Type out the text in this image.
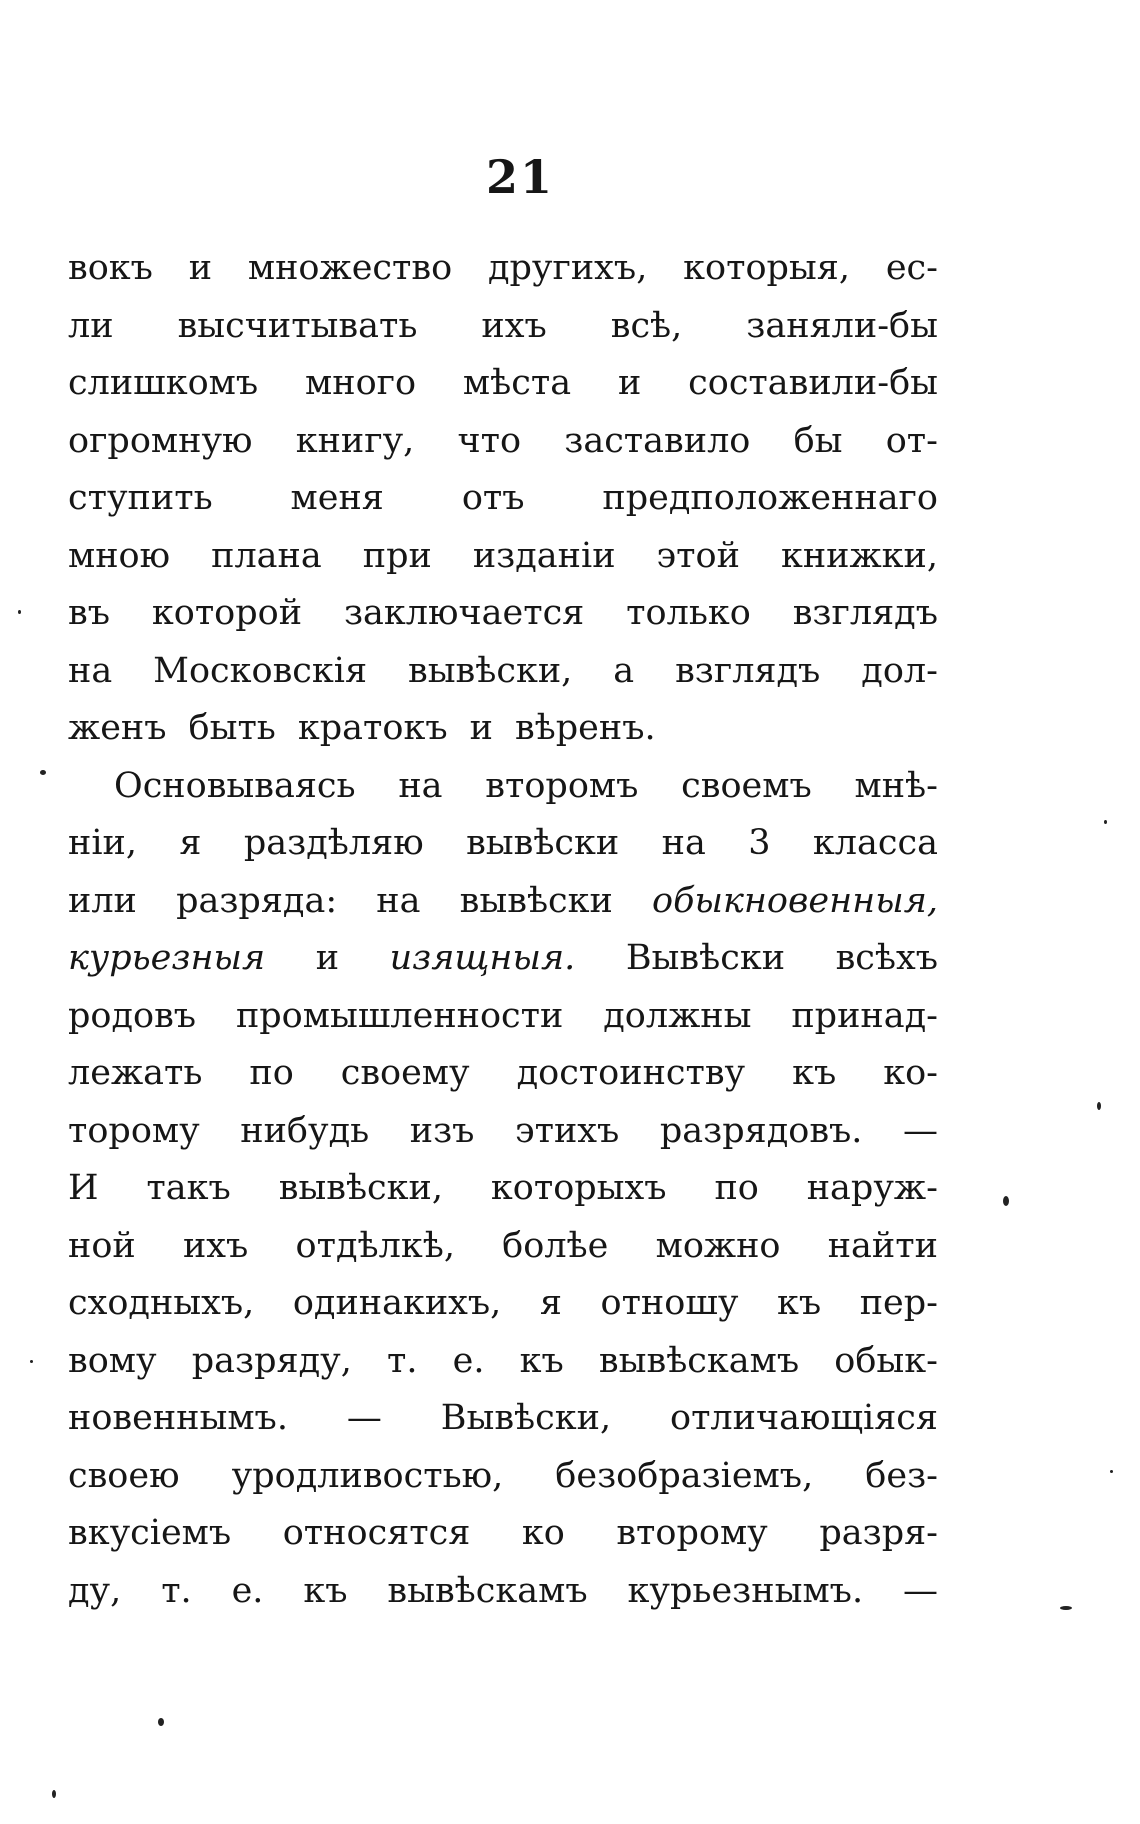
21
вокъ и множество другихъ, которыя, ес-
ли высчитывать ихъ всѣ, заняли-бы
слишкомъ много мѣста и составили-бы
огромную книгу, что заставило бы от-
ступить меня отъ предположеннаго
мною плана при изданіи этой книжки,
въ которой заключается только взглядъ
на Московскія вывѣски, а взглядъ дол-
женъ быть кратокъ и вѣренъ.
Основываясь на второмъ своемъ мнѣ-
ніи, я раздѣляю вывѣски на 3 класса
или разряда: на вывѣски обыкновенныя,
курьезныя и изящныя. Вывѣски всѣхъ
родовъ промышленности должны принад-
лежать по своему достоинству къ ко-
торому нибудь изъ этихъ разрядовъ. —
И такъ вывѣски, которыхъ по наруж-
ной ихъ отдѣлкѣ, болѣе можно найти
сходныхъ, одинакихъ, я отношу къ пер-
вому разряду, т. е. къ вывѣскамъ обык-
новеннымъ. — Вывѣски, отличающіяся
своею уродливостью, безобразіемъ, без-
вкусіемъ относятся ко второму разря-
ду, т. е. къ вывѣскамъ курьезнымъ. —
